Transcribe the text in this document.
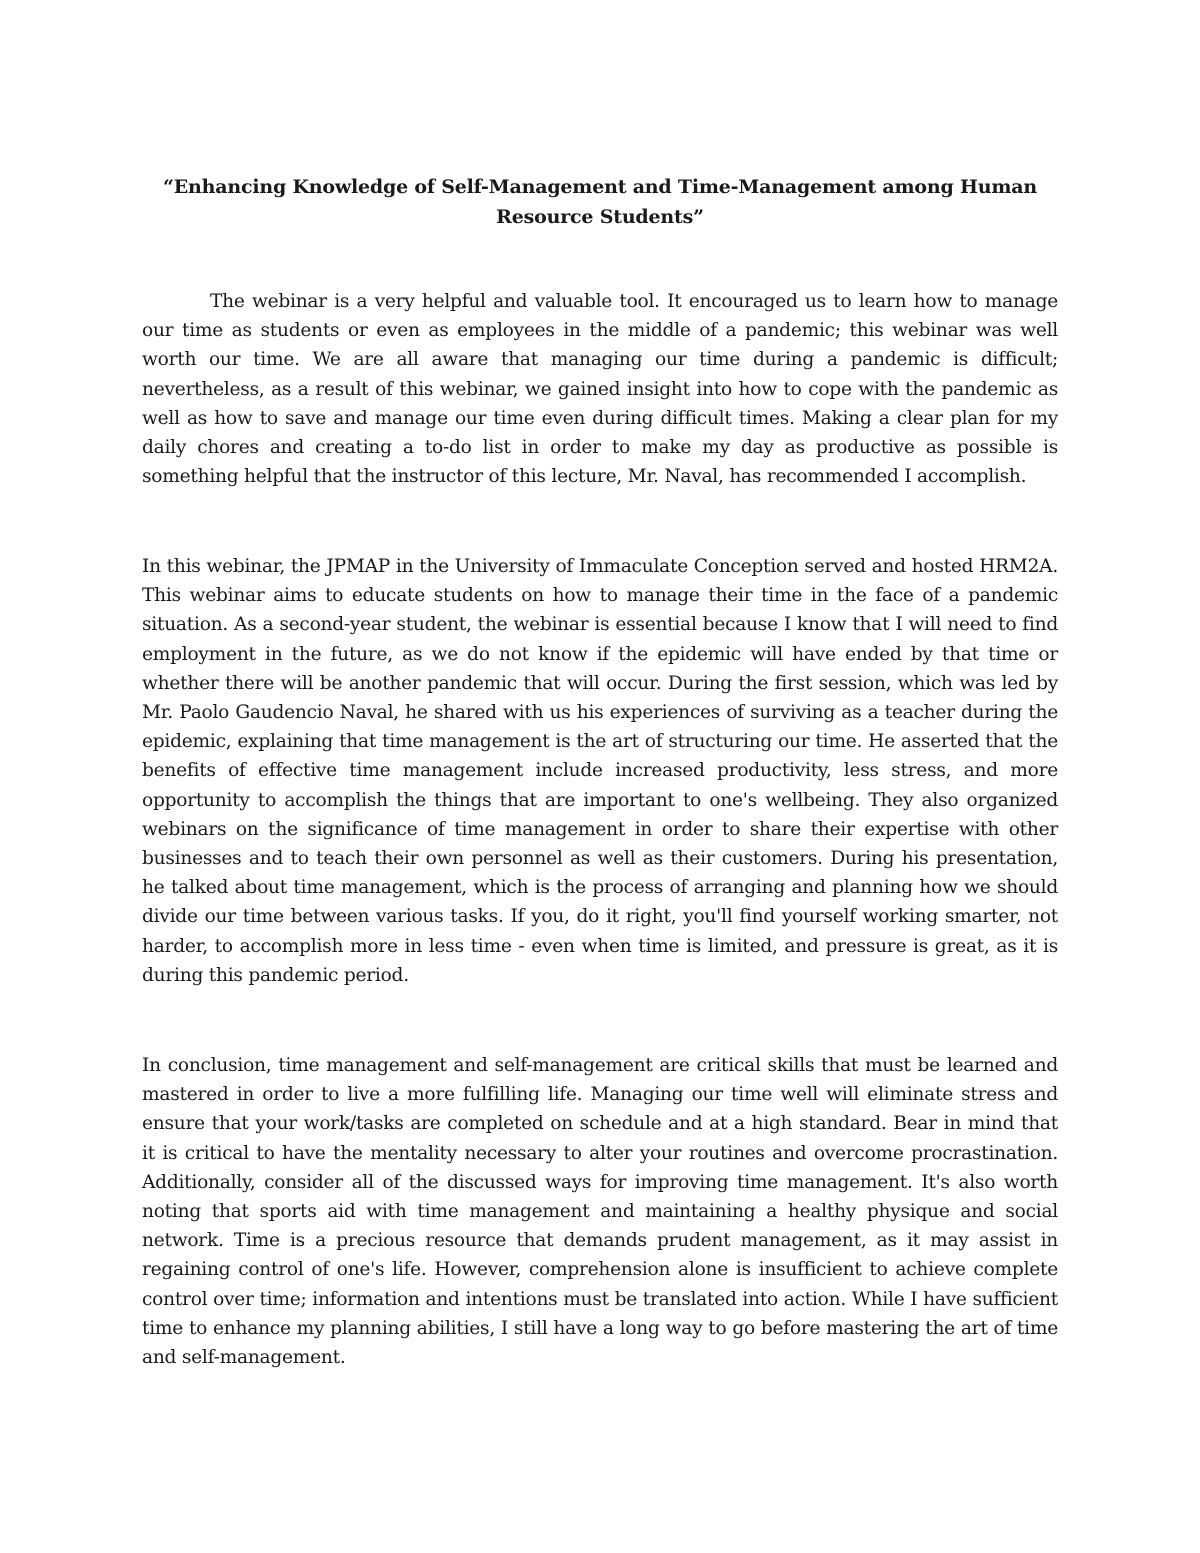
“Enhancing Knowledge of Self-Management and Time-Management among Human Resource Students”

The webinar is a very helpful and valuable tool. It encouraged us to learn how to manage our time as students or even as employees in the middle of a pandemic; this webinar was well worth our time. We are all aware that managing our time during a pandemic is difficult; nevertheless, as a result of this webinar, we gained insight into how to cope with the pandemic as well as how to save and manage our time even during difficult times. Making a clear plan for my daily chores and creating a to-do list in order to make my day as productive as possible is something helpful that the instructor of this lecture, Mr. Naval, has recommended I accomplish.

In this webinar, the JPMAP in the University of Immaculate Conception served and hosted HRM2A. This webinar aims to educate students on how to manage their time in the face of a pandemic situation. As a second-year student, the webinar is essential because I know that I will need to find employment in the future, as we do not know if the epidemic will have ended by that time or whether there will be another pandemic that will occur. During the first session, which was led by Mr. Paolo Gaudencio Naval, he shared with us his experiences of surviving as a teacher during the epidemic, explaining that time management is the art of structuring our time. He asserted that the benefits of effective time management include increased productivity, less stress, and more opportunity to accomplish the things that are important to one's wellbeing. They also organized webinars on the significance of time management in order to share their expertise with other businesses and to teach their own personnel as well as their customers. During his presentation, he talked about time management, which is the process of arranging and planning how we should divide our time between various tasks. If you, do it right, you'll find yourself working smarter, not harder, to accomplish more in less time - even when time is limited, and pressure is great, as it is during this pandemic period.

In conclusion, time management and self-management are critical skills that must be learned and mastered in order to live a more fulfilling life. Managing our time well will eliminate stress and ensure that your work/tasks are completed on schedule and at a high standard. Bear in mind that it is critical to have the mentality necessary to alter your routines and overcome procrastination. Additionally, consider all of the discussed ways for improving time management. It's also worth noting that sports aid with time management and maintaining a healthy physique and social network. Time is a precious resource that demands prudent management, as it may assist in regaining control of one's life. However, comprehension alone is insufficient to achieve complete control over time; information and intentions must be translated into action. While I have sufficient time to enhance my planning abilities, I still have a long way to go before mastering the art of time and self-management.
